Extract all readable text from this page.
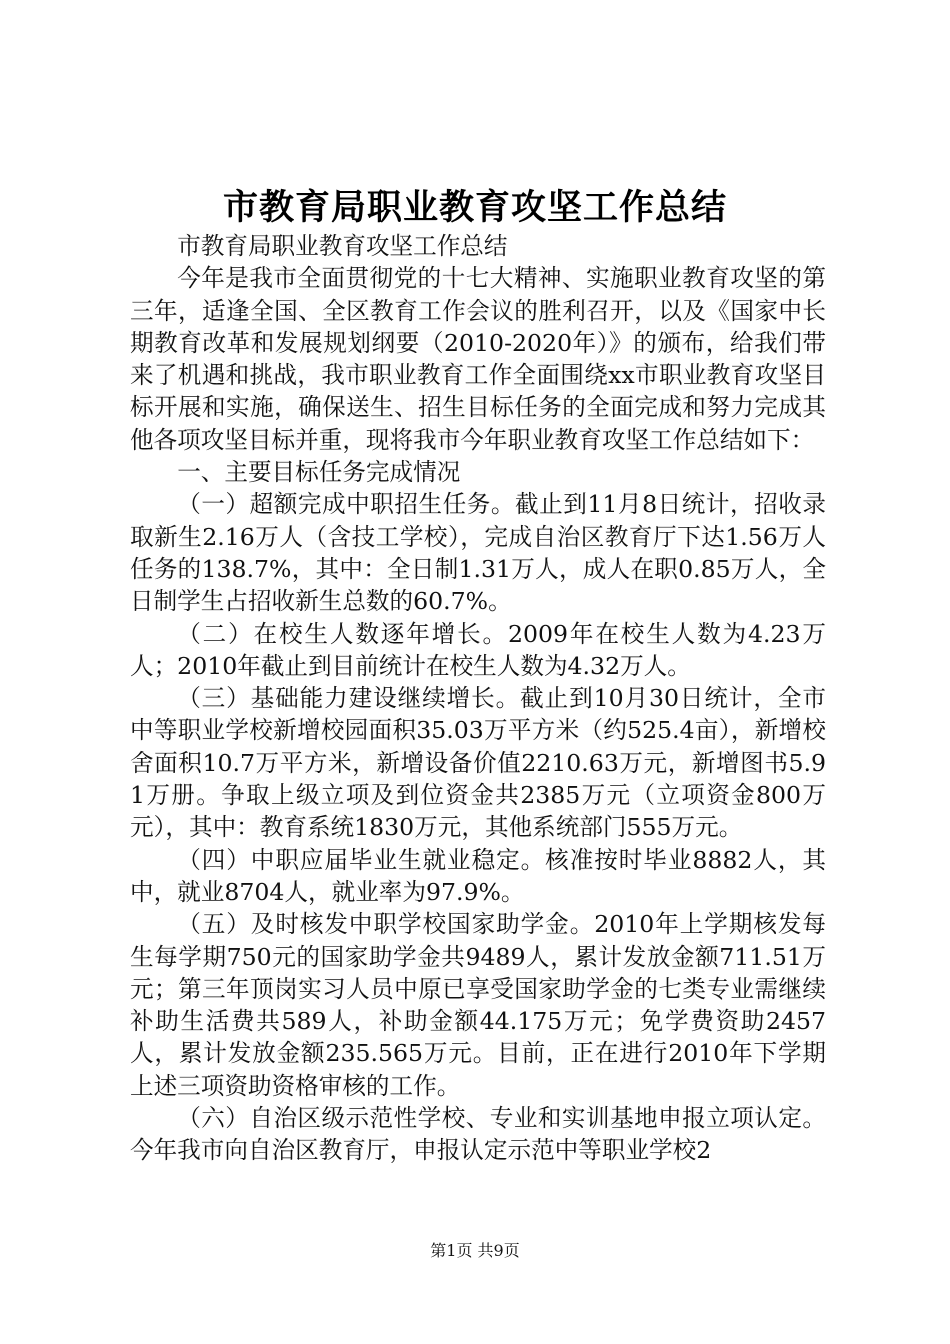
市教育局职业教育攻坚工作总结

市教育局职业教育攻坚工作总结

今年是我市全面贯彻党的十七大精神、实施职业教育攻坚的第三年，适逢全国、全区教育工作会议的胜利召开，以及《国家中长期教育改革和发展规划纲要（2010-2020年）》的颁布，给我们带来了机遇和挑战，我市职业教育工作全面围绕xx市职业教育攻坚目标开展和实施，确保送生、招生目标任务的全面完成和努力完成其他各项攻坚目标并重，现将我市今年职业教育攻坚工作总结如下：

一、主要目标任务完成情况

（一）超额完成中职招生任务。截止到11月8日统计，招收录取新生2.16万人（含技工学校），完成自治区教育厅下达1.56万人任务的138.7%，其中：全日制1.31万人，成人在职0.85万人，全日制学生占招收新生总数的60.7%。

（二）在校生人数逐年增长。2009年在校生人数为4.23万人；2010年截止到目前统计在校生人数为4.32万人。

（三）基础能力建设继续增长。截止到10月30日统计，全市中等职业学校新增校园面积35.03万平方米（约525.4亩），新增校舍面积10.7万平方米，新增设备价值2210.63万元，新增图书5.91万册。争取上级立项及到位资金共2385万元（立项资金800万元），其中：教育系统1830万元，其他系统部门555万元。

（四）中职应届毕业生就业稳定。核准按时毕业8882人，其中，就业8704人，就业率为97.9%。

（五）及时核发中职学校国家助学金。2010年上学期核发每生每学期750元的国家助学金共9489人，累计发放金额711.51万元；第三年顶岗实习人员中原已享受国家助学金的七类专业需继续补助生活费共589人，补助金额44.175万元；免学费资助2457人，累计发放金额235.565万元。目前，正在进行2010年下学期上述三项资助资格审核的工作。

（六）自治区级示范性学校、专业和实训基地申报立项认定。今年我市向自治区教育厅，申报认定示范中等职业学校2

第1页 共9页
